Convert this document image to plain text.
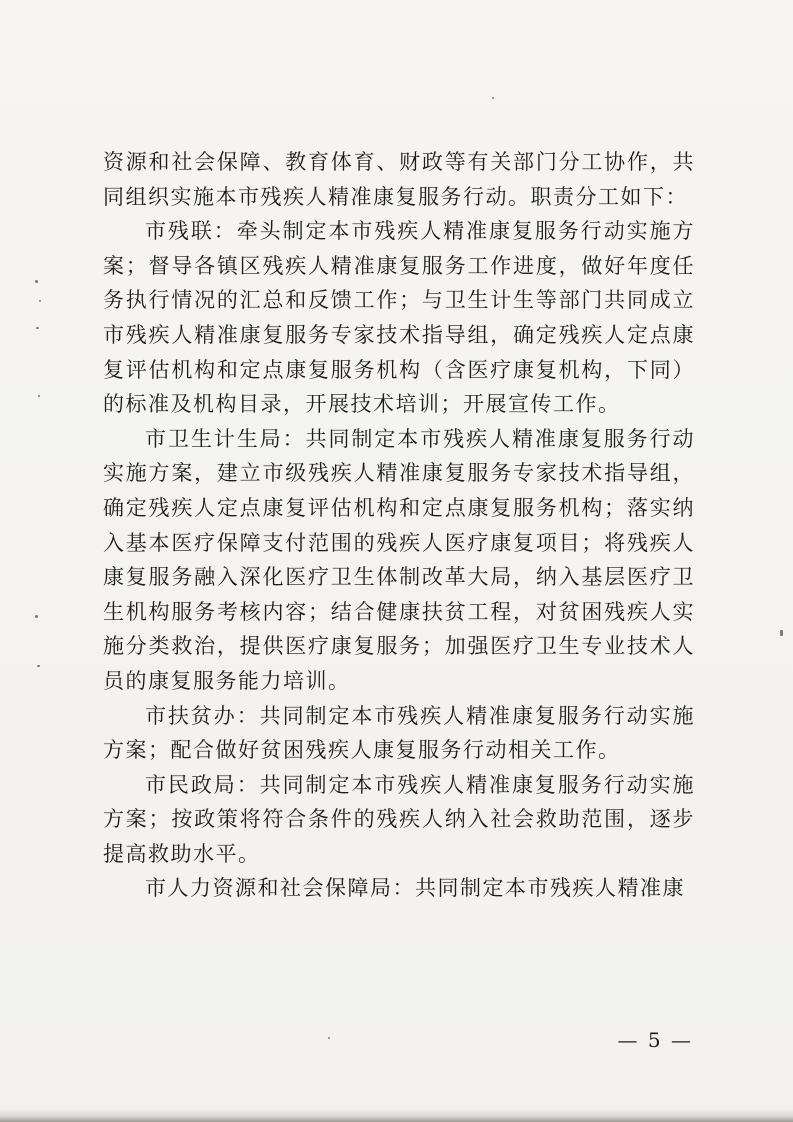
资源和社会保障、教育体育、财政等有关部门分工协作，共同组织实施本市残疾人精准康复服务行动。职责分工如下：

市残联：牵头制定本市残疾人精准康复服务行动实施方案；督导各镇区残疾人精准康复服务工作进度，做好年度任务执行情况的汇总和反馈工作；与卫生计生等部门共同成立市残疾人精准康复服务专家技术指导组，确定残疾人定点康复评估机构和定点康复服务机构（含医疗康复机构，下同）的标准及机构目录，开展技术培训；开展宣传工作。

市卫生计生局：共同制定本市残疾人精准康复服务行动实施方案，建立市级残疾人精准康复服务专家技术指导组，确定残疾人定点康复评估机构和定点康复服务机构；落实纳入基本医疗保障支付范围的残疾人医疗康复项目；将残疾人康复服务融入深化医疗卫生体制改革大局，纳入基层医疗卫生机构服务考核内容；结合健康扶贫工程，对贫困残疾人实施分类救治，提供医疗康复服务；加强医疗卫生专业技术人员的康复服务能力培训。

市扶贫办：共同制定本市残疾人精准康复服务行动实施方案；配合做好贫困残疾人康复服务行动相关工作。

市民政局：共同制定本市残疾人精准康复服务行动实施方案；按政策将符合条件的残疾人纳入社会救助范围，逐步提高救助水平。

市人力资源和社会保障局：共同制定本市残疾人精准康

— 5 —
